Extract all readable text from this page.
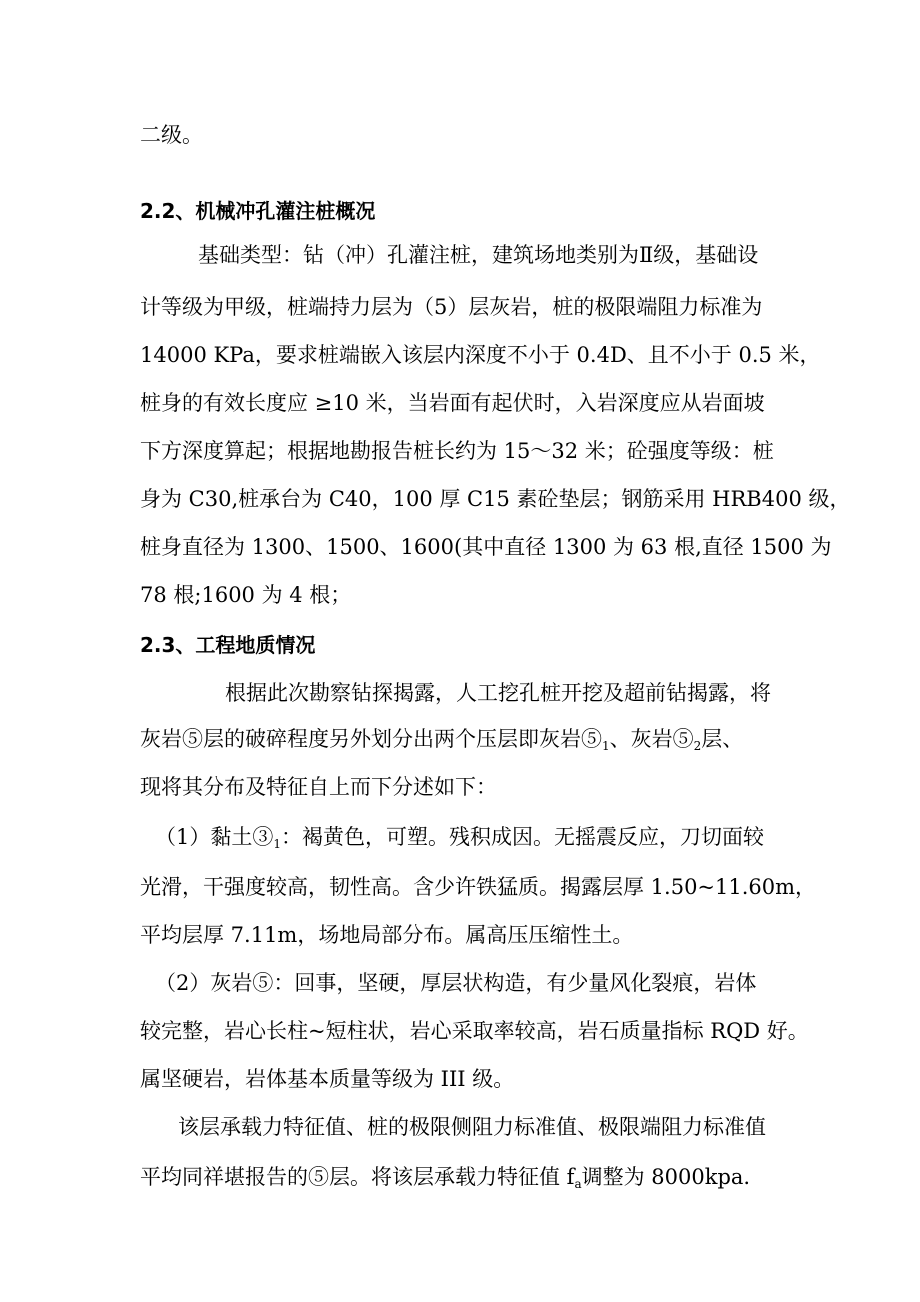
二级。
2.2、机械冲孔灌注桩概况
基础类型：钻（冲）孔灌注桩，建筑场地类别为Ⅱ级，基础设
计等级为甲级，桩端持力层为（5）层灰岩，桩的极限端阻力标准为
14000 KPa，要求桩端嵌入该层内深度不小于 0.4D、且不小于 0.5 米，
桩身的有效长度应 ≥10 米，当岩面有起伏时，入岩深度应从岩面坡
下方深度算起；根据地勘报告桩长约为 15～32 米；砼强度等级：桩
身为 C30,桩承台为 C40，100 厚 C15 素砼垫层；钢筋采用 HRB400 级，
桩身直径为 1300、1500、1600(其中直径 1300 为 63 根,直径 1500 为
78 根;1600 为 4 根；
2.3、工程地质情况
根据此次勘察钻探揭露，人工挖孔桩开挖及超前钻揭露，将
灰岩⑤层的破碎程度另外划分出两个压层即灰岩$⑤_1$、灰岩$⑤_2$层、
现将其分布及特征自上而下分述如下：
（1）黏土$③_1$：褐黄色，可塑。残积成因。无摇震反应，刀切面较
光滑，干强度较高，韧性高。含少许铁猛质。揭露层厚 1.50~11.60m，
平均层厚 7.11m，场地局部分布。属高压压缩性土。
（2）灰岩⑤：回事，坚硬，厚层状构造，有少量风化裂痕，岩体
较完整，岩心长柱~短柱状，岩心采取率较高，岩石质量指标 RQD 好。
属坚硬岩，岩体基本质量等级为 III 级。
该层承载力特征值、桩的极限侧阻力标准值、极限端阻力标准值
平均同祥堪报告的⑤层。将该层承载力特征值 $f_a$调整为 8000kpa.
